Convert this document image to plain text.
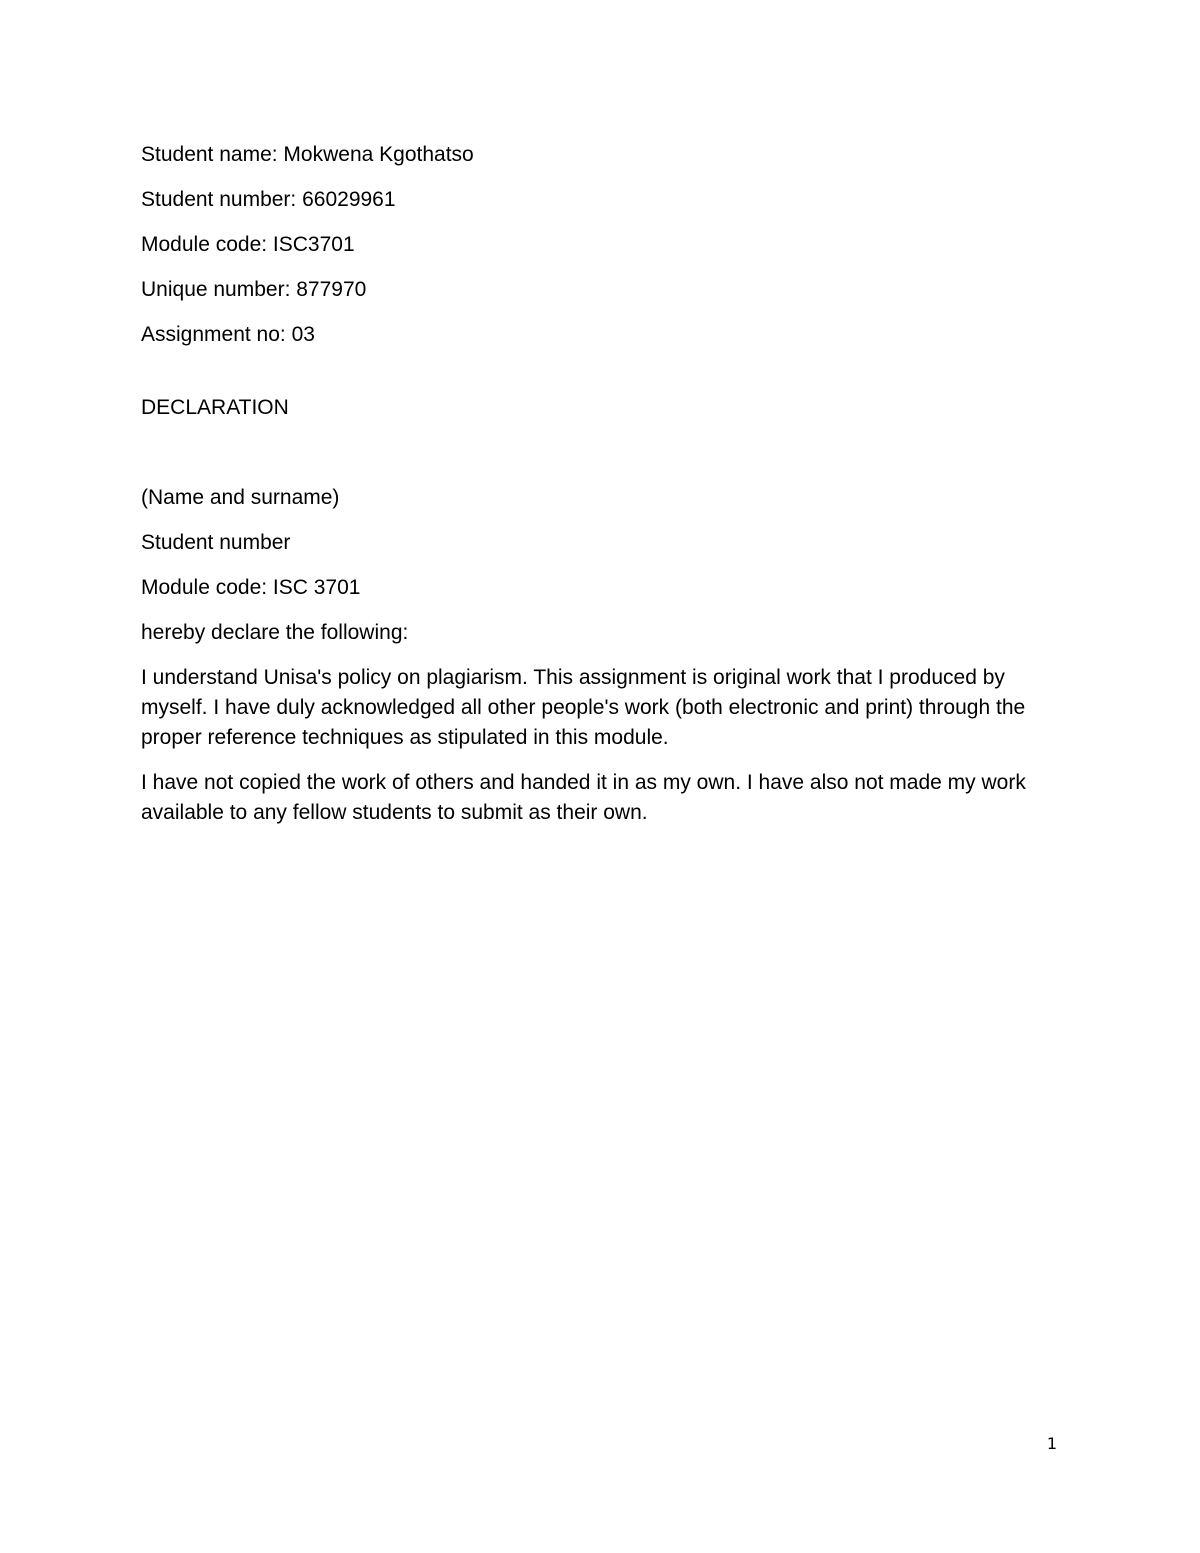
Student name: Mokwena Kgothatso
Student number: 66029961
Module code: ISC3701
Unique number: 877970
Assignment no: 03
DECLARATION
(Name and surname)
Student number
Module code: ISC 3701
hereby declare the following:
I understand Unisa's policy on plagiarism. This assignment is original work that I produced by myself. I have duly acknowledged all other people's work (both electronic and print) through the proper reference techniques as stipulated in this module.
I have not copied the work of others and handed it in as my own. I have also not made my work available to any fellow students to submit as their own.
1
